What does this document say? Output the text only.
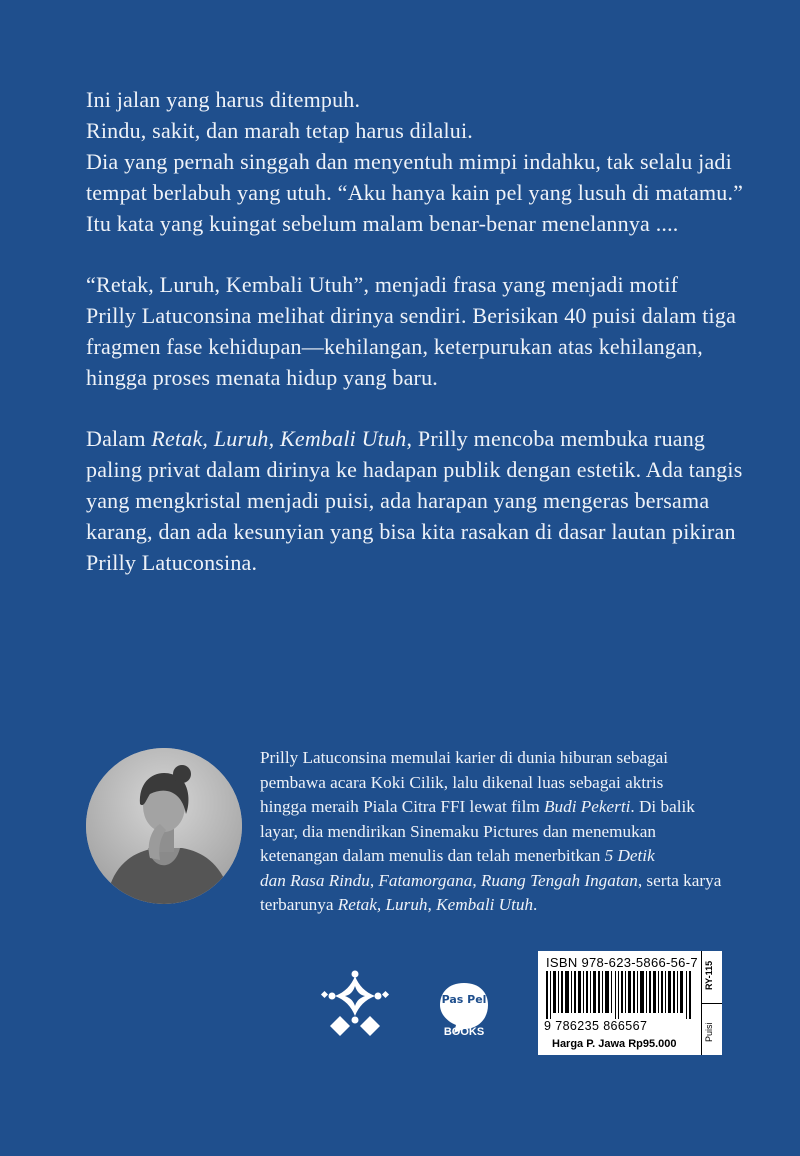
Ini jalan yang harus ditempuh.
Rindu, sakit, dan marah tetap harus dilalui.
Dia yang pernah singgah dan menyentuh mimpi indahku, tak selalu jadi
tempat berlabuh yang utuh. “Aku hanya kain pel yang lusuh di matamu.”
Itu kata yang kuingat sebelum malam benar-benar menelannya ....

“Retak, Luruh, Kembali Utuh”, menjadi frasa yang menjadi motif
Prilly Latuconsina melihat dirinya sendiri. Berisikan 40 puisi dalam tiga
fragmen fase kehidupan—kehilangan, keterpurukan atas kehilangan,
hingga proses menata hidup yang baru.

Dalam Retak, Luruh, Kembali Utuh, Prilly mencoba membuka ruang
paling privat dalam dirinya ke hadapan publik dengan estetik. Ada tangis
yang mengkristal menjadi puisi, ada harapan yang mengeras bersama
karang, dan ada kesunyian yang bisa kita rasakan di dasar lautan pikiran
Prilly Latuconsina.

Prilly Latuconsina memulai karier di dunia hiburan sebagai
pembawa acara Koki Cilik, lalu dikenal luas sebagai aktris
hingga meraih Piala Citra FFI lewat film Budi Pekerti. Di balik
layar, dia mendirikan Sinemaku Pictures dan menemukan
ketenangan dalam menulis dan telah menerbitkan 5 Detik
dan Rasa Rindu, Fatamorgana, Ruang Tengah Ingatan, serta karya
terbarunya Retak, Luruh, Kembali Utuh.
Pas Pel
BOOKS
ISBN 978-623-5866-56-7
9 786235 866567
Harga P. Jawa Rp95.000
RY-115
Puisi
